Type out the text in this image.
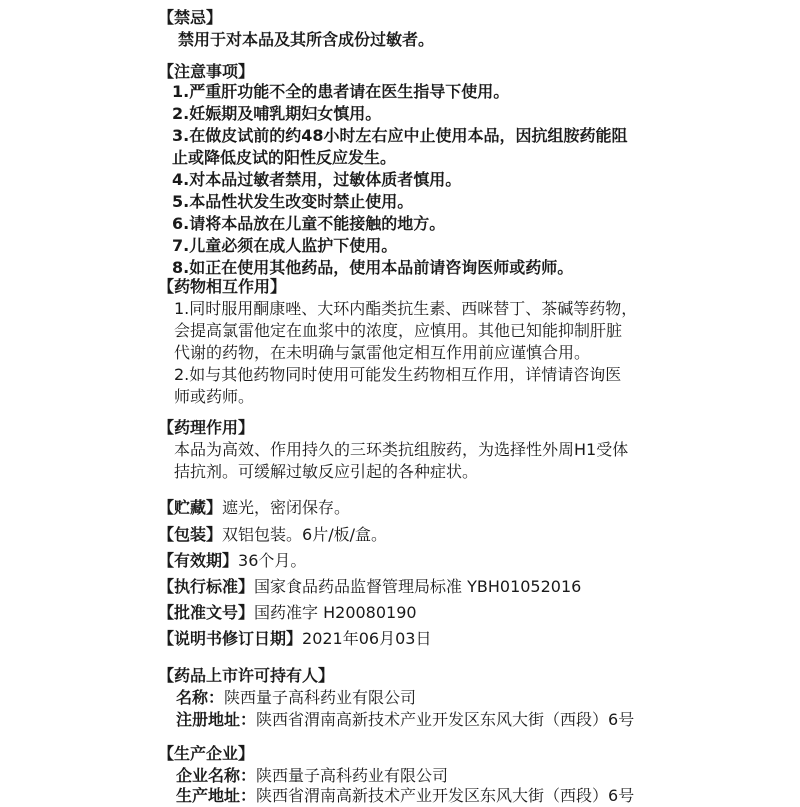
【禁忌】
禁用于对本品及其所含成份过敏者。
【注意事项】
1.严重肝功能不全的患者请在医生指导下使用。
2.妊娠期及哺乳期妇女慎用。
3.在做皮试前的约48小时左右应中止使用本品，因抗组胺药能阻
止或降低皮试的阳性反应发生。
4.对本品过敏者禁用，过敏体质者慎用。
5.本品性状发生改变时禁止使用。
6.请将本品放在儿童不能接触的地方。
7.儿童必须在成人监护下使用。
8.如正在使用其他药品，使用本品前请咨询医师或药师。
【药物相互作用】
1.同时服用酮康唑、大环内酯类抗生素、西咪替丁、茶碱等药物，
会提高氯雷他定在血浆中的浓度，应慎用。其他已知能抑制肝脏
代谢的药物，在未明确与氯雷他定相互作用前应谨慎合用。
2.如与其他药物同时使用可能发生药物相互作用，详情请咨询医
师或药师。
【药理作用】
本品为高效、作用持久的三环类抗组胺药，为选择性外周H1受体
拮抗剂。可缓解过敏反应引起的各种症状。
【贮藏】遮光，密闭保存。
【包装】双铝包装。6片/板/盒。
【有效期】36个月。
【执行标准】国家食品药品监督管理局标准 YBH01052016
【批准文号】国药准字 H20080190
【说明书修订日期】2021年06月03日
【药品上市许可持有人】
名称：陕西量子高科药业有限公司
注册地址：陕西省渭南高新技术产业开发区东风大街（西段）6号
【生产企业】
企业名称：陕西量子高科药业有限公司
生产地址：陕西省渭南高新技术产业开发区东风大街（西段）6号
